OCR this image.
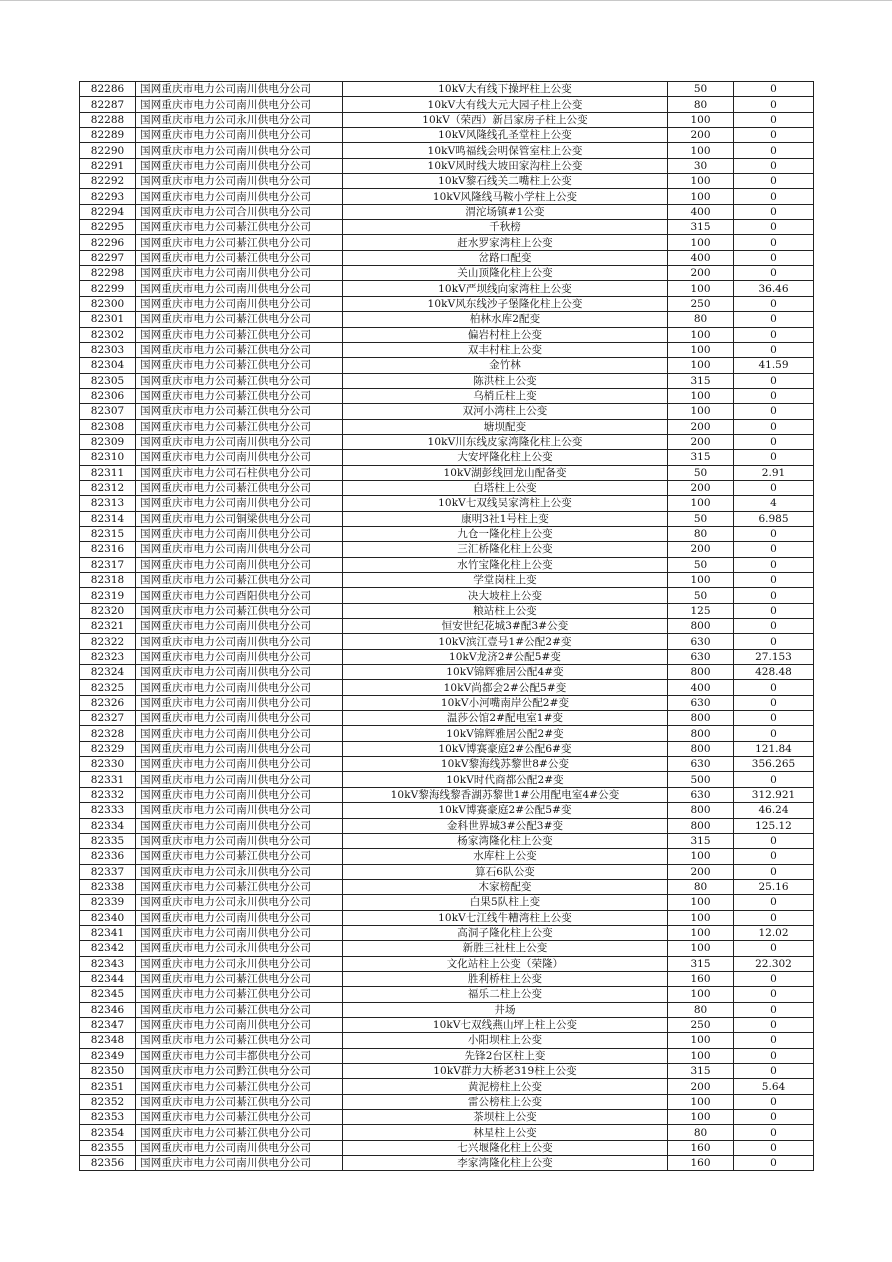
82286	国网重庆市电力公司南川供电分公司	10kV大有线下操坪柱上公变	50	0
82287	国网重庆市电力公司南川供电分公司	10kV大有线大元大园子柱上公变	80	0
82288	国网重庆市电力公司永川供电分公司	10kV（荣西）新吕家房子柱上公变	100	0
82289	国网重庆市电力公司南川供电分公司	10kV风隆线孔圣堂柱上公变	200	0
82290	国网重庆市电力公司南川供电分公司	10kV鸣福线会明保管室柱上公变	100	0
82291	国网重庆市电力公司南川供电分公司	10kV风时线大坡田家沟柱上公变	30	0
82292	国网重庆市电力公司南川供电分公司	10kV黎石线关二嘴柱上公变	100	0
82293	国网重庆市电力公司南川供电分公司	10kV风隆线马鞍小学柱上公变	100	0
82294	国网重庆市电力公司合川供电分公司	渭沱场镇#1公变	400	0
82295	国网重庆市电力公司綦江供电分公司	千秋榜	315	0
82296	国网重庆市电力公司綦江供电分公司	赶水罗家湾柱上公变	100	0
82297	国网重庆市电力公司綦江供电分公司	岔路口配变	400	0
82298	国网重庆市电力公司南川供电分公司	关山顶隆化柱上公变	200	0
82299	国网重庆市电力公司南川供电分公司	10kV严坝线向家湾柱上公变	100	36.46
82300	国网重庆市电力公司南川供电分公司	10kV风东线沙子堡隆化柱上公变	250	0
82301	国网重庆市电力公司綦江供电分公司	柏林水库2配变	80	0
82302	国网重庆市电力公司綦江供电分公司	偏岩村柱上公变	100	0
82303	国网重庆市电力公司綦江供电分公司	双丰村柱上公变	100	0
82304	国网重庆市电力公司綦江供电分公司	金竹林	100	41.59
82305	国网重庆市电力公司綦江供电分公司	陈洪柱上公变	315	0
82306	国网重庆市电力公司綦江供电分公司	乌梢丘柱上变	100	0
82307	国网重庆市电力公司綦江供电分公司	双河小湾柱上公变	100	0
82308	国网重庆市电力公司綦江供电分公司	塘坝配变	200	0
82309	国网重庆市电力公司南川供电分公司	10kV川东线皮家湾隆化柱上公变	200	0
82310	国网重庆市电力公司南川供电分公司	大安坪隆化柱上公变	315	0
82311	国网重庆市电力公司石柱供电分公司	10kV湖彭线回龙山配备变	50	2.91
82312	国网重庆市电力公司綦江供电分公司	白塔柱上公变	200	0
82313	国网重庆市电力公司南川供电分公司	10kV七双线吴家湾柱上公变	100	4
82314	国网重庆市电力公司铜梁供电分公司	康明3社1号柱上变	50	6.985
82315	国网重庆市电力公司南川供电分公司	九仓一隆化柱上公变	80	0
82316	国网重庆市电力公司南川供电分公司	三汇桥隆化柱上公变	200	0
82317	国网重庆市电力公司南川供电分公司	水竹宝隆化柱上公变	50	0
82318	国网重庆市电力公司綦江供电分公司	学堂岗柱上变	100	0
82319	国网重庆市电力公司酉阳供电分公司	决大坡柱上公变	50	0
82320	国网重庆市电力公司綦江供电分公司	粮站柱上公变	125	0
82321	国网重庆市电力公司南川供电分公司	恒安世纪花城3#配3#公变	800	0
82322	国网重庆市电力公司南川供电分公司	10kV滨江壹号1#公配2#变	630	0
82323	国网重庆市电力公司南川供电分公司	10kV龙济2#公配5#变	630	27.153
82324	国网重庆市电力公司南川供电分公司	10kV锦辉雅居公配4#变	800	428.48
82325	国网重庆市电力公司南川供电分公司	10kV尚都会2#公配5#变	400	0
82326	国网重庆市电力公司南川供电分公司	10kV小河嘴南岸公配2#变	630	0
82327	国网重庆市电力公司南川供电分公司	温莎公馆2#配电室1#变	800	0
82328	国网重庆市电力公司南川供电分公司	10kV锦辉雅居公配2#变	800	0
82329	国网重庆市电力公司南川供电分公司	10kV博赛豪庭2#公配6#变	800	121.84
82330	国网重庆市电力公司南川供电分公司	10kV黎海线苏黎世8#公变	630	356.265
82331	国网重庆市电力公司南川供电分公司	10kV时代商都公配2#变	500	0
82332	国网重庆市电力公司南川供电分公司	10kV黎海线黎香湖苏黎世1#公用配电室4#公变	630	312.921
82333	国网重庆市电力公司南川供电分公司	10kV博赛豪庭2#公配5#变	800	46.24
82334	国网重庆市电力公司南川供电分公司	金科世界城3#公配3#变	800	125.12
82335	国网重庆市电力公司南川供电分公司	杨家湾隆化柱上公变	315	0
82336	国网重庆市电力公司綦江供电分公司	水库柱上公变	100	0
82337	国网重庆市电力公司永川供电分公司	算石6队公变	200	0
82338	国网重庆市电力公司綦江供电分公司	木家榜配变	80	25.16
82339	国网重庆市电力公司永川供电分公司	白果5队柱上变	100	0
82340	国网重庆市电力公司南川供电分公司	10kV七江线牛糟湾柱上公变	100	0
82341	国网重庆市电力公司南川供电分公司	高洞子隆化柱上公变	100	12.02
82342	国网重庆市电力公司永川供电分公司	新胜三社柱上公变	100	0
82343	国网重庆市电力公司永川供电分公司	文化站柱上公变（荣隆）	315	22.302
82344	国网重庆市电力公司綦江供电分公司	胜利桥柱上公变	160	0
82345	国网重庆市电力公司綦江供电分公司	福乐二柱上公变	100	0
82346	国网重庆市电力公司綦江供电分公司	井场	80	0
82347	国网重庆市电力公司南川供电分公司	10kV七双线燕山坪上柱上公变	250	0
82348	国网重庆市电力公司綦江供电分公司	小阳坝柱上公变	100	0
82349	国网重庆市电力公司丰都供电分公司	先锋2台区柱上变	100	0
82350	国网重庆市电力公司黔江供电分公司	10kV群力大桥老319柱上公变	315	0
82351	国网重庆市电力公司綦江供电分公司	黄泥榜柱上公变	200	5.64
82352	国网重庆市电力公司綦江供电分公司	雷公榜柱上公变	100	0
82353	国网重庆市电力公司綦江供电分公司	茶坝柱上公变	100	0
82354	国网重庆市电力公司綦江供电分公司	林星柱上公变	80	0
82355	国网重庆市电力公司南川供电分公司	七兴堰隆化柱上公变	160	0
82356	国网重庆市电力公司南川供电分公司	李家湾隆化柱上公变	160	0
